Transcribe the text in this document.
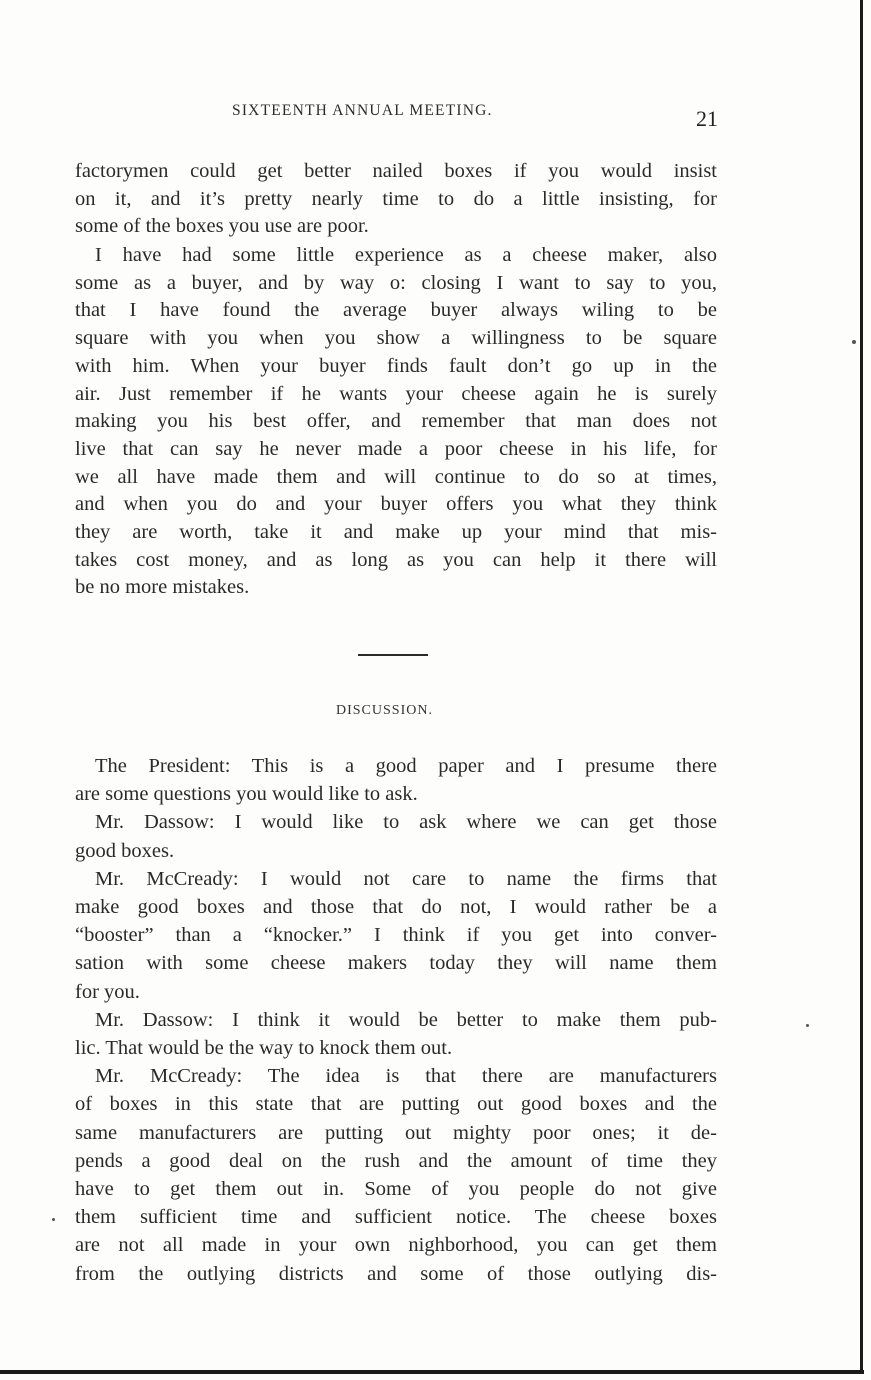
SIXTEENTH ANNUAL MEETING.	21
factorymen could get better nailed boxes if you would insist
on it, and it’s pretty nearly time to do a little insisting, for
some of the boxes you use are poor.
I have had some little experience as a cheese maker, also
some as a buyer, and by way o: closing I want to say to you,
that I have found the average buyer always wiling to be
square with you when you show a willingness to be square
with him. When your buyer finds fault don’t go up in the
air. Just remember if he wants your cheese again he is surely
making you his best offer, and remember that man does not
live that can say he never made a poor cheese in his life, for
we all have made them and will continue to do so at times,
and when you do and your buyer offers you what they think
they are worth, take it and make up your mind that mis-
takes cost money, and as long as you can help it there will
be no more mistakes.
DISCUSSION.
The President: This is a good paper and I presume there
are some questions you would like to ask.
Mr. Dassow: I would like to ask where we can get those
good boxes.
Mr. McCready: I would not care to name the firms that
make good boxes and those that do not, I would rather be a
“booster” than a “knocker.” I think if you get into conver-
sation with some cheese makers today they will name them
for you.
Mr. Dassow: I think it would be better to make them pub-
lic. That would be the way to knock them out.
Mr. McCready: The idea is that there are manufacturers
of boxes in this state that are putting out good boxes and the
same manufacturers are putting out mighty poor ones; it de-
pends a good deal on the rush and the amount of time they
have to get them out in. Some of you people do not give
them sufficient time and sufficient notice. The cheese boxes
are not all made in your own nighborhood, you can get them
from the outlying districts and some of those outlying dis-
